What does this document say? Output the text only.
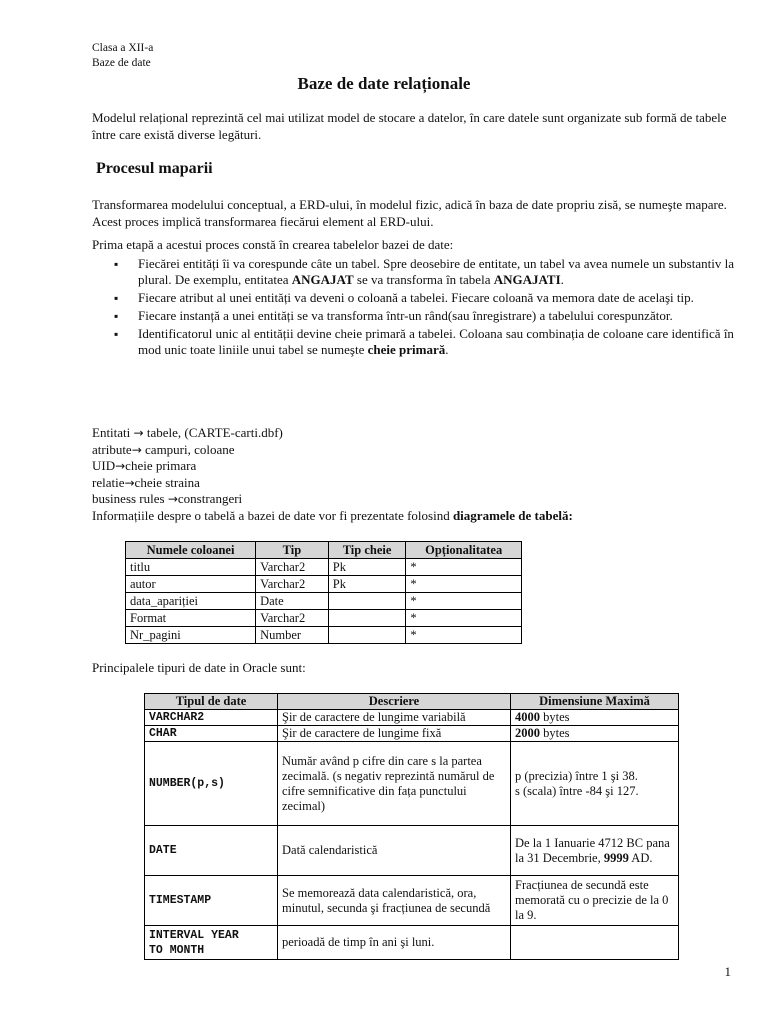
Clasa a XII-a
Baze de date
Baze de date relaționale
Modelul relațional reprezintă cel mai utilizat model de stocare a datelor, în care datele sunt organizate sub formă de tabele între care există diverse legături.
Procesul maparii
Transformarea modelului conceptual, a ERD-ului, în modelul fizic, adică în baza de date propriu zisă, se numeşte mapare. Acest proces implică transformarea fiecărui element al ERD-ului.
Prima etapă a acestui proces constă în crearea tabelelor bazei de date:
▪ Fiecărei entități îi va corespunde câte un tabel. Spre deosebire de entitate, un tabel va avea numele un substantiv la plural. De exemplu, entitatea ANGAJAT se va transforma în tabela ANGAJATI.
▪ Fiecare atribut al unei entități va deveni o coloană a tabelei. Fiecare coloană va memora date de acelaşi tip.
▪ Fiecare instanță a unei entități se va transforma într-un rând(sau înregistrare) a tabelului corespunzător.
▪ Identificatorul unic al entității devine cheie primară a tabelei. Coloana sau combinația de coloane care identifică în mod unic toate liniile unui tabel se numeşte cheie primară.
Entitati → tabele, (CARTE-carti.dbf)
atribute→ campuri, coloane
UID→cheie primara
relatie→cheie straina
business rules →constrangeri
Informațiile despre o tabelă a bazei de date vor fi prezentate folosind diagramele de tabelă:
Numele coloanei	Tip	Tip cheie	Opționalitatea
titlu	Varchar2	Pk	*
autor	Varchar2	Pk	*
data_apariției	Date		*
Format	Varchar2		*
Nr_pagini	Number		*
Principalele tipuri de date in Oracle sunt:
Tipul de date	Descriere	Dimensiune Maximă
VARCHAR2	Şir de caractere de lungime variabilă	4000 bytes
CHAR	Şir de caractere de lungime fixă	2000 bytes
NUMBER(p,s)	Număr având p cifre din care s la partea zecimală. (s negativ reprezintă numărul de cifre semnificative din fața punctului zecimal)	p (precizia) între 1 şi 38.
s (scala) între -84 şi 127.

DATE	Dată calendaristică	De la 1 Ianuarie 4712 BC pana la 31 Decembrie, 9999 AD.
TIMESTAMP	Se memorează data calendaristică, ora, minutul, secunda şi fracțiunea de secundă	Fracțiunea de secundă este memorată cu o precizie de la 0 la 9.

INTERVAL YEAR
TO MONTH	perioadă de timp în ani şi luni.	
1
